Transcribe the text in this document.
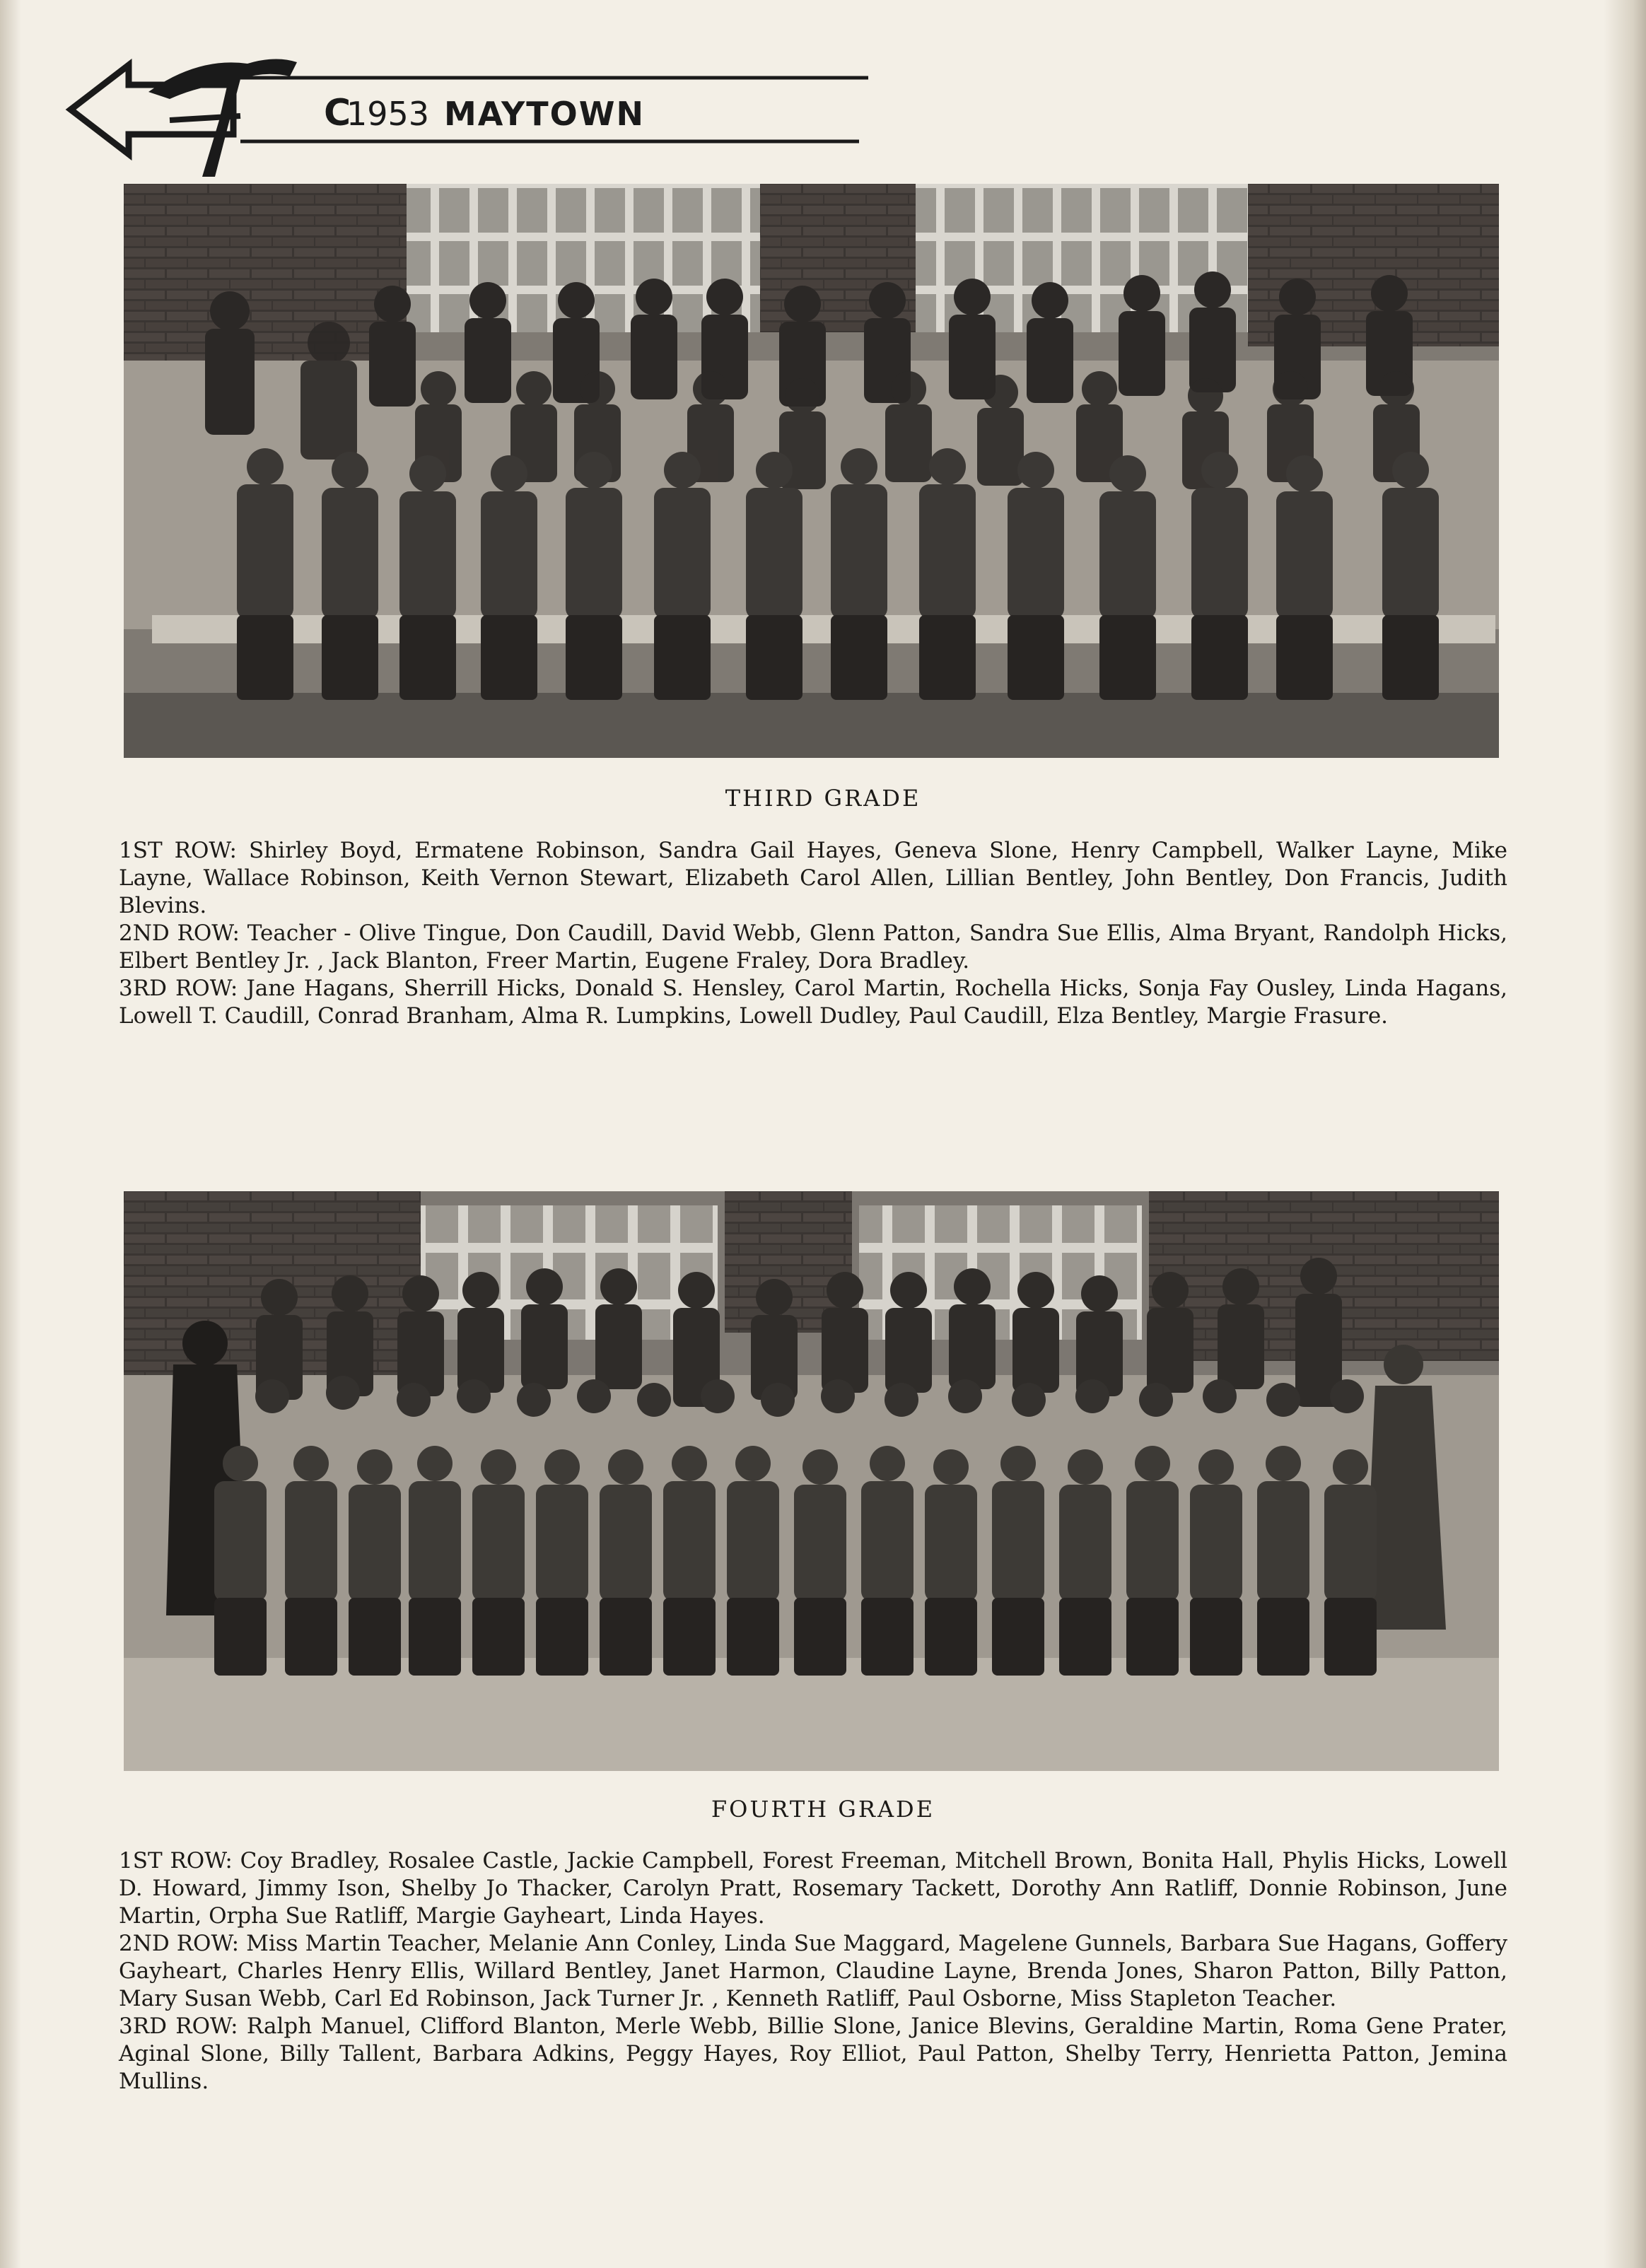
C
1953 MAYTOWN
THIRD GRADE

1ST ROW: Shirley Boyd, Ermatene Robinson, Sandra Gail Hayes, Geneva Slone, Henry Campbell, Walker Layne, Mike Layne, Wallace Robinson, Keith Vernon Stewart, Elizabeth Carol Allen, Lillian Bentley, John Bentley, Don Francis, Judith Blevins.

2ND ROW: Teacher - Olive Tingue, Don Caudill, David Webb, Glenn Patton, Sandra Sue Ellis, Alma Bryant, Randolph Hicks, Elbert Bentley Jr. , Jack Blanton, Freer Martin, Eugene Fraley, Dora Bradley.

3RD ROW: Jane Hagans, Sherrill Hicks, Donald S. Hensley, Carol Martin, Rochella Hicks, Sonja Fay Ousley, Linda Hagans, Lowell T. Caudill, Conrad Branham, Alma R. Lumpkins, Lowell Dudley, Paul Caudill, Elza Bentley, Margie Frasure.

FOURTH GRADE

1ST ROW: Coy Bradley, Rosalee Castle, Jackie Campbell, Forest Freeman, Mitchell Brown, Bonita Hall, Phylis Hicks, Lowell D. Howard, Jimmy Ison, Shelby Jo Thacker, Carolyn Pratt, Rosemary Tackett, Dorothy Ann Ratliff, Donnie Robinson, June Martin, Orpha Sue Ratliff, Margie Gayheart, Linda Hayes.

2ND ROW: Miss Martin Teacher, Melanie Ann Conley, Linda Sue Maggard, Magelene Gunnels, Barbara Sue Hagans, Goffery Gayheart, Charles Henry Ellis, Willard Bentley, Janet Harmon, Claudine Layne, Brenda Jones, Sharon Patton, Billy Patton, Mary Susan Webb, Carl Ed Robinson, Jack Turner Jr. , Kenneth Ratliff, Paul Osborne, Miss Stapleton Teacher.

3RD ROW: Ralph Manuel, Clifford Blanton, Merle Webb, Billie Slone, Janice Blevins, Geraldine Martin, Roma Gene Prater, Aginal Slone, Billy Tallent, Barbara Adkins, Peggy Hayes, Roy Elliot, Paul Patton, Shelby Terry, Henrietta Patton, Jemina Mullins.
